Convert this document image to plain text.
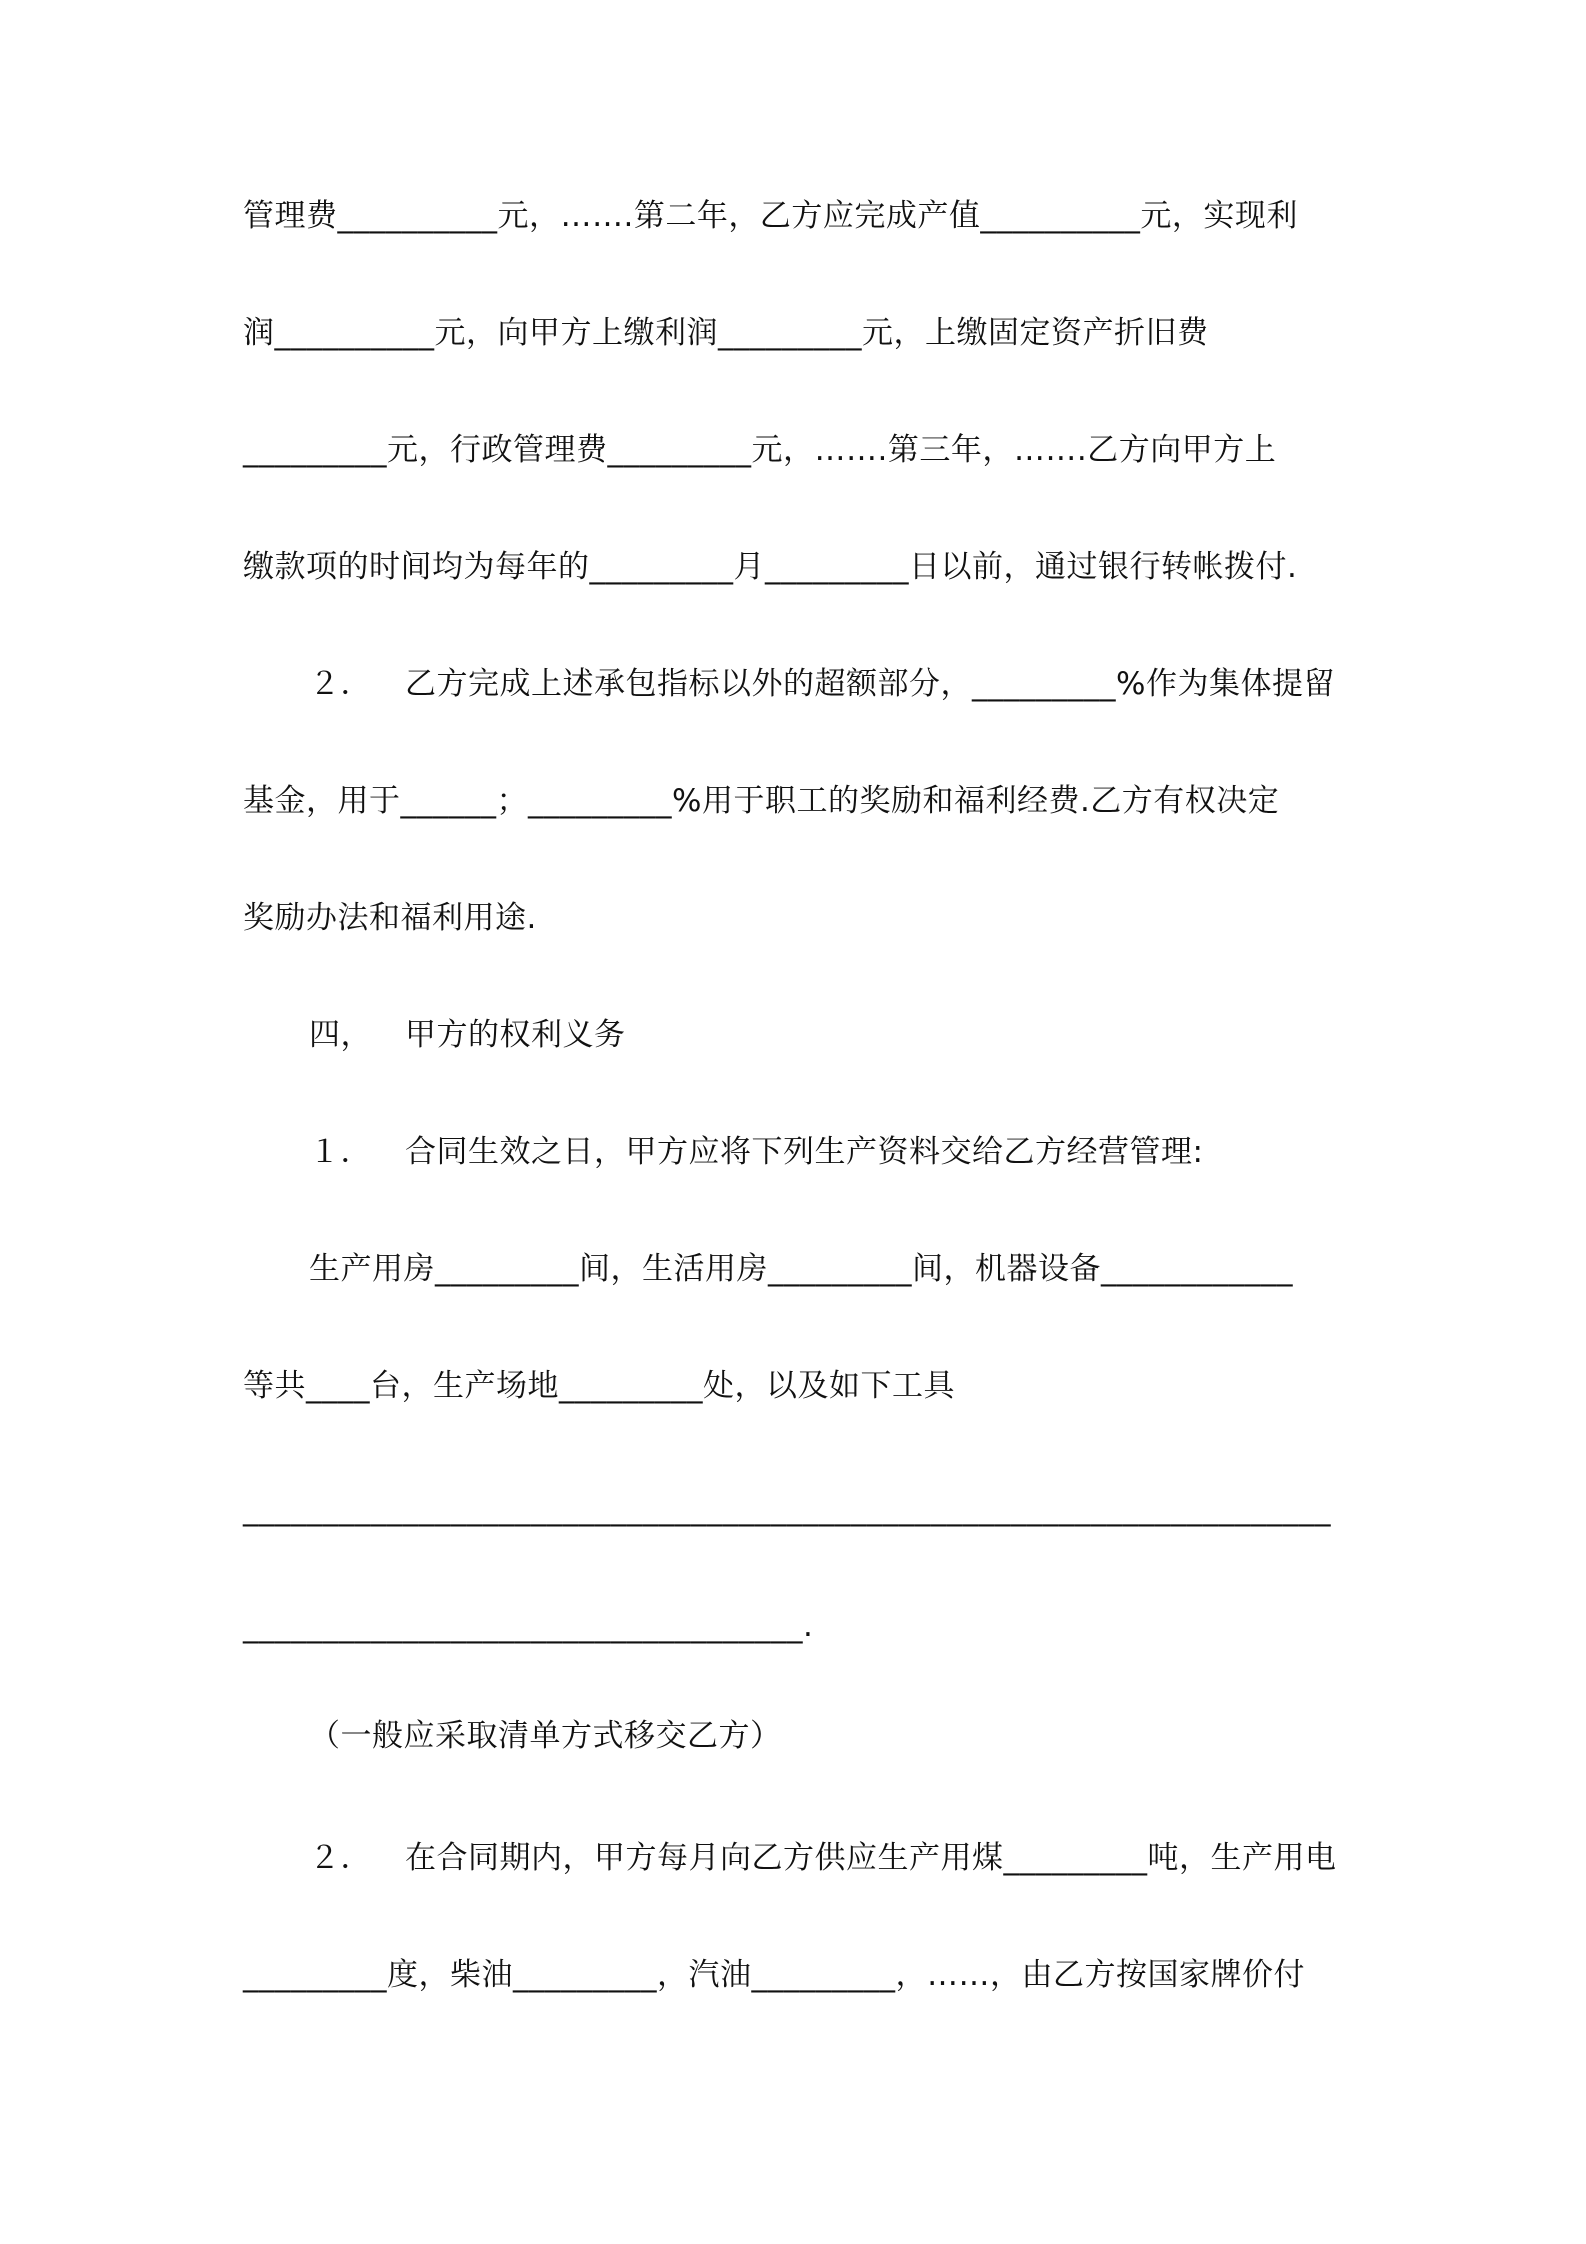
管理费__________元，…….第二年，乙方应完成产值__________元，实现利
润__________元，向甲方上缴利润_________元，上缴固定资产折旧费
_________元，行政管理费_________元，…….第三年，…….乙方向甲方上
缴款项的时间均为每年的_________月_________日以前，通过银行转帐拨付.
２． 乙方完成上述承包指标以外的超额部分，_________%作为集体提留
基金，用于______；_________%用于职工的奖励和福利经费.乙方有权决定
奖励办法和福利用途.
四， 甲方的权利义务
１． 合同生效之日，甲方应将下列生产资料交给乙方经营管理:
生产用房_________间，生活用房_________间，机器设备____________
等共____台，生产场地_________处，以及如下工具
____________________________________________________________________
___________________________________.
（一般应采取清单方式移交乙方）
２． 在合同期内，甲方每月向乙方供应生产用煤_________吨，生产用电
_________度，柴油_________，汽油_________，……，由乙方按国家牌价付
